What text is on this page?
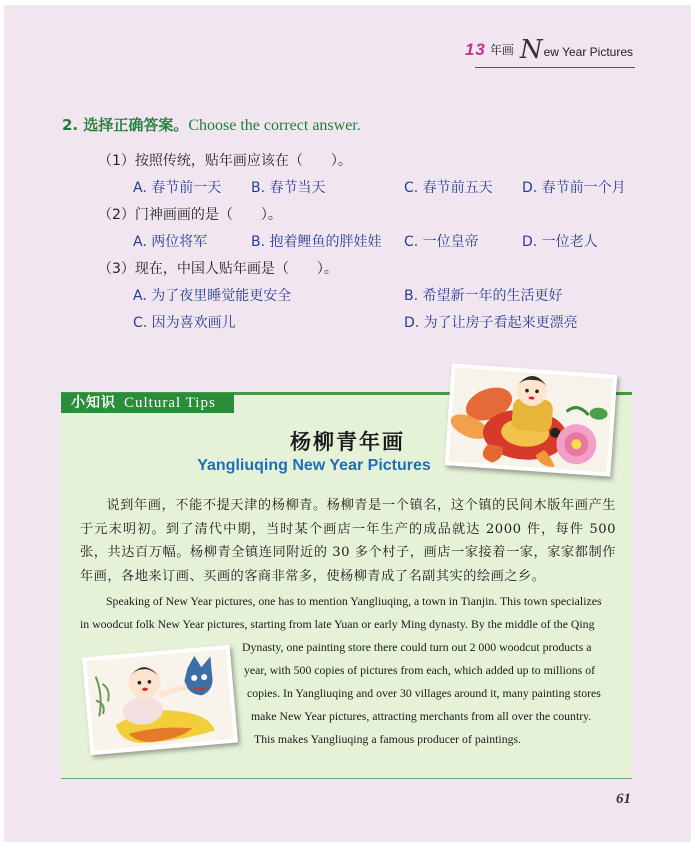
13 年画 N ew Year Pictures
2. 选择正确答案。Choose the correct answer.
（1）按照传统，贴年画应该在（　　）。
A. 春节前一天 B. 春节当天	C. 春节前五天 D. 春节前一个月
（2）门神画画的是（　　）。
A. 两位将军	B. 抱着鲤鱼的胖娃娃 C. 一位皇帝	D. 一位老人
（3）现在，中国人贴年画是（　　）。
A. 为了夜里睡觉能更安全	B. 希望新一年的生活更好
C. 因为喜欢画儿	D. 为了让房子看起来更漂亮
小知识 Cultural Tips
杨柳青年画
Yangliuqing New Year Pictures
说到年画，不能不提天津的杨柳青。杨柳青是一个镇名，这个镇的民间木版年画产生于元末明初。到了清代中期，当时某个画店一年生产的成品就达 2000 件，每件 500 张，共达百万幅。杨柳青全镇连同附近的 30 多个村子，画店一家接着一家，家家都制作年画，各地来订画、买画的客商非常多，使杨柳青成了名副其实的绘画之乡。
Speaking of New Year pictures, one has to mention Yangliuqing, a town in Tianjin. This town specializes
in woodcut folk New Year pictures, starting from late Yuan or early Ming dynasty. By the middle of the Qing
Dynasty, one painting store there could turn out 2 000 woodcut products a
year, with 500 copies of pictures from each, which added up to millions of
copies. In Yangliuqing and over 30 villages around it, many painting stores
make New Year pictures, attracting merchants from all over the country.
This makes Yangliuqing a famous producer of paintings.
61
